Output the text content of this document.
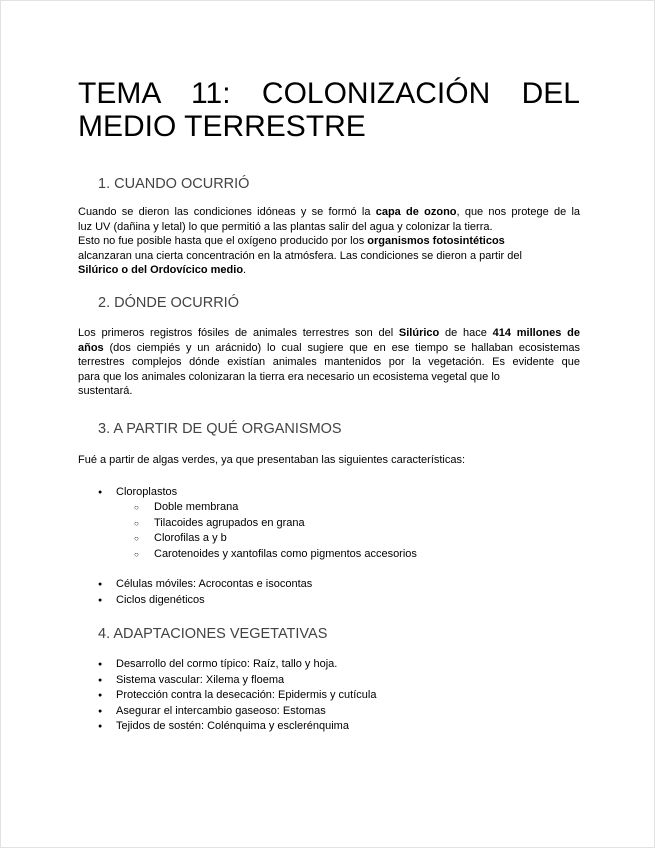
TEMA 11: COLONIZACIÓN DEL
MEDIO TERRESTRE
1. CUANDO OCURRIÓ
Cuando se dieron las condiciones idóneas y se formó la capa de ozono, que nos protege de la
luz UV (dañina y letal) lo que permitió a las plantas salir del agua y colonizar la tierra.
Esto no fue posible hasta que el oxígeno producido por los organismos fotosintéticos
alcanzaran una cierta concentración en la atmósfera. Las condiciones se dieron a partir del
Silúrico o del Ordovícico medio.
2. DÓNDE OCURRIÓ
Los primeros registros fósiles de animales terrestres son del Silúrico de hace 414 millones de
años (dos ciempiés y un arácnido) lo cual sugiere que en ese tiempo se hallaban ecosistemas
terrestres complejos dónde existían animales mantenidos por la vegetación. Es evidente que
para que los animales colonizaran la tierra era necesario un ecosistema vegetal que lo
sustentará.
3. A PARTIR DE QUÉ ORGANISMOS

Fué a partir de algas verdes, ya que presentaban las siguientes características:

● Cloroplastos
○ Doble membrana
○ Tilacoides agrupados en grana
○ Clorofilas a y b
○ Carotenoides y xantofilas como pigmentos accesorios
● Células móviles: Acrocontas e isocontas
● Ciclos digenéticos
4. ADAPTACIONES VEGETATIVAS
● Desarrollo del cormo típico: Raíz, tallo y hoja.
● Sistema vascular: Xilema y floema
● Protección contra la desecación: Epidermis y cutícula
● Asegurar el intercambio gaseoso: Estomas
● Tejidos de sostén: Colénquima y esclerénquima
